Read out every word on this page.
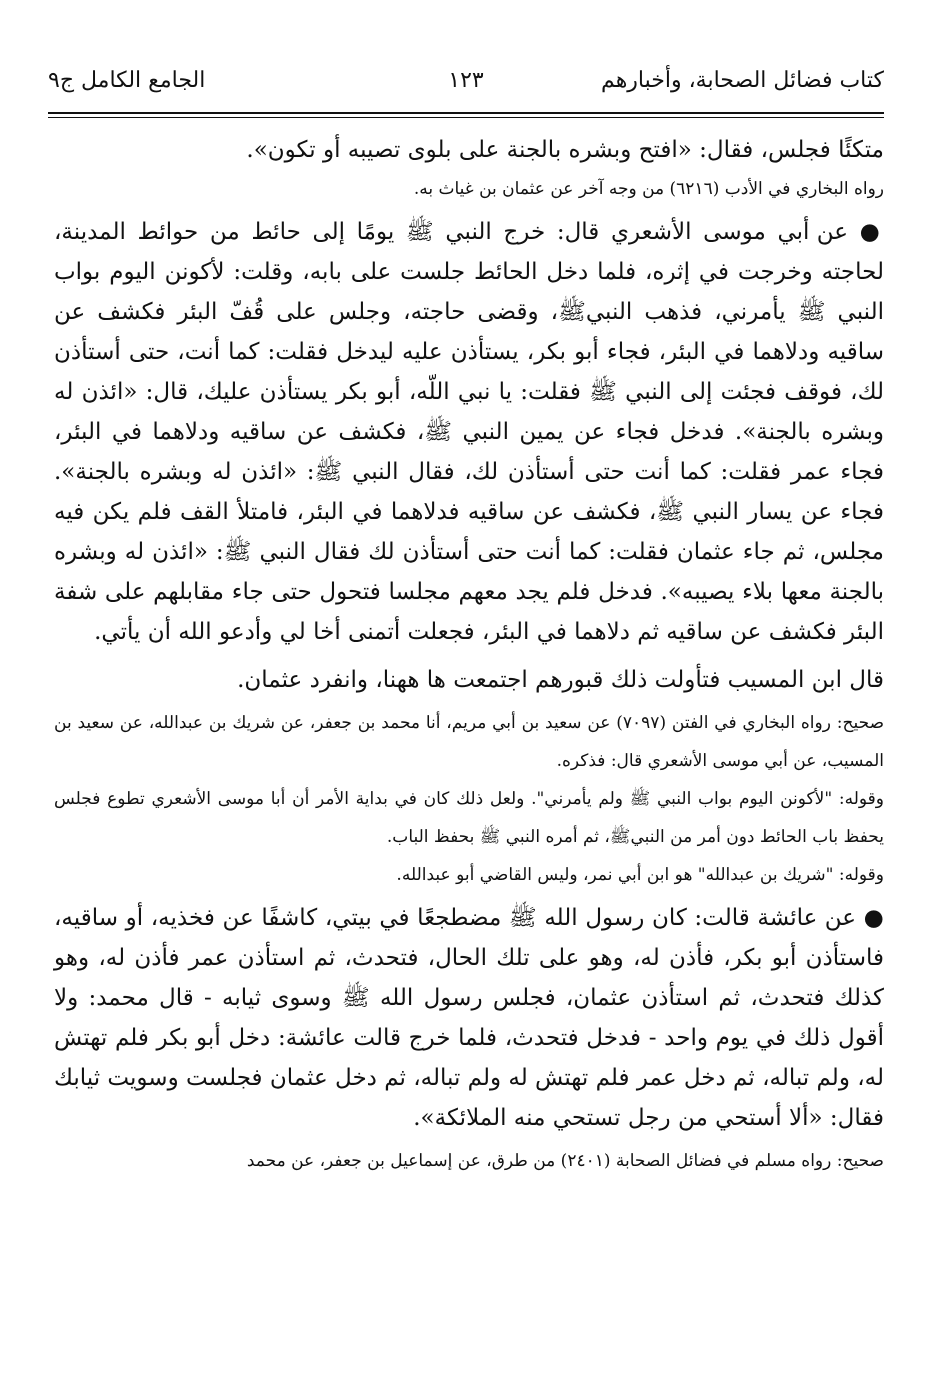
كتاب فضائل الصحابة، وأخبارهم
١٢٣
الجامع الكامل ج٩

متكئًا فجلس، فقال: «افتح وبشره بالجنة على بلوى تصيبه أو تكون».

رواه البخاري في الأدب (٦٢١٦) من وجه آخر عن عثمان بن غياث به.

● عن أبي موسى الأشعري قال: خرج النبي ﷺ يومًا إلى حائط من حوائط المدينة، لحاجته وخرجت في إثره، فلما دخل الحائط جلست على بابه، وقلت: لأكونن اليوم بواب النبي ﷺ يأمرني، فذهب النبيﷺ، وقضى حاجته، وجلس على قُفّ البئر فكشف عن ساقيه ودلاهما في البئر، فجاء أبو بكر، يستأذن عليه ليدخل فقلت: كما أنت، حتى أستأذن لك، فوقف فجئت إلى النبي ﷺ فقلت: يا نبي اللّه، أبو بكر يستأذن عليك، قال: «ائذن له وبشره بالجنة». فدخل فجاء عن يمين النبي ﷺ، فكشف عن ساقيه ودلاهما في البئر، فجاء عمر فقلت: كما أنت حتى أستأذن لك، فقال النبي ﷺ: «ائذن له وبشره بالجنة». فجاء عن يسار النبي ﷺ، فكشف عن ساقيه فدلاهما في البئر، فامتلأ القف فلم يكن فيه مجلس، ثم جاء عثمان فقلت: كما أنت حتى أستأذن لك فقال النبي ﷺ: «ائذن له وبشره بالجنة معها بلاء يصيبه». فدخل فلم يجد معهم مجلسا فتحول حتى جاء مقابلهم على شفة البئر فكشف عن ساقيه ثم دلاهما في البئر، فجعلت أتمنى أخا لي وأدعو الله أن يأتي.

قال ابن المسيب فتأولت ذلك قبورهم اجتمعت ها ههنا، وانفرد عثمان.

صحيح: رواه البخاري في الفتن (٧٠٩٧) عن سعيد بن أبي مريم، أنا محمد بن جعفر، عن شريك بن عبدالله، عن سعيد بن المسيب، عن أبي موسى الأشعري قال: فذكره.

وقوله: "لأكونن اليوم بواب النبي ﷺ ولم يأمرني". ولعل ذلك كان في بداية الأمر أن أبا موسى الأشعري تطوع فجلس يحفظ باب الحائط دون أمر من النبيﷺ، ثم أمره النبي ﷺ بحفظ الباب.

وقوله: "شريك بن عبدالله" هو ابن أبي نمر، وليس القاضي أبو عبدالله.

● عن عائشة قالت: كان رسول الله ﷺ مضطجعًا في بيتي، كاشفًا عن فخذيه، أو ساقيه، فاستأذن أبو بكر، فأذن له، وهو على تلك الحال، فتحدث، ثم استأذن عمر فأذن له، وهو كذلك فتحدث، ثم استأذن عثمان، فجلس رسول الله ﷺ وسوى ثيابه - قال محمد: ولا أقول ذلك في يوم واحد - فدخل فتحدث، فلما خرج قالت عائشة: دخل أبو بكر فلم تهتش له، ولم تباله، ثم دخل عمر فلم تهتش له ولم تباله، ثم دخل عثمان فجلست وسويت ثيابك فقال: «ألا أستحي من رجل تستحي منه الملائكة».

صحيح: رواه مسلم في فضائل الصحابة (٢٤٠١) من طرق، عن إسماعيل بن جعفر، عن محمد
